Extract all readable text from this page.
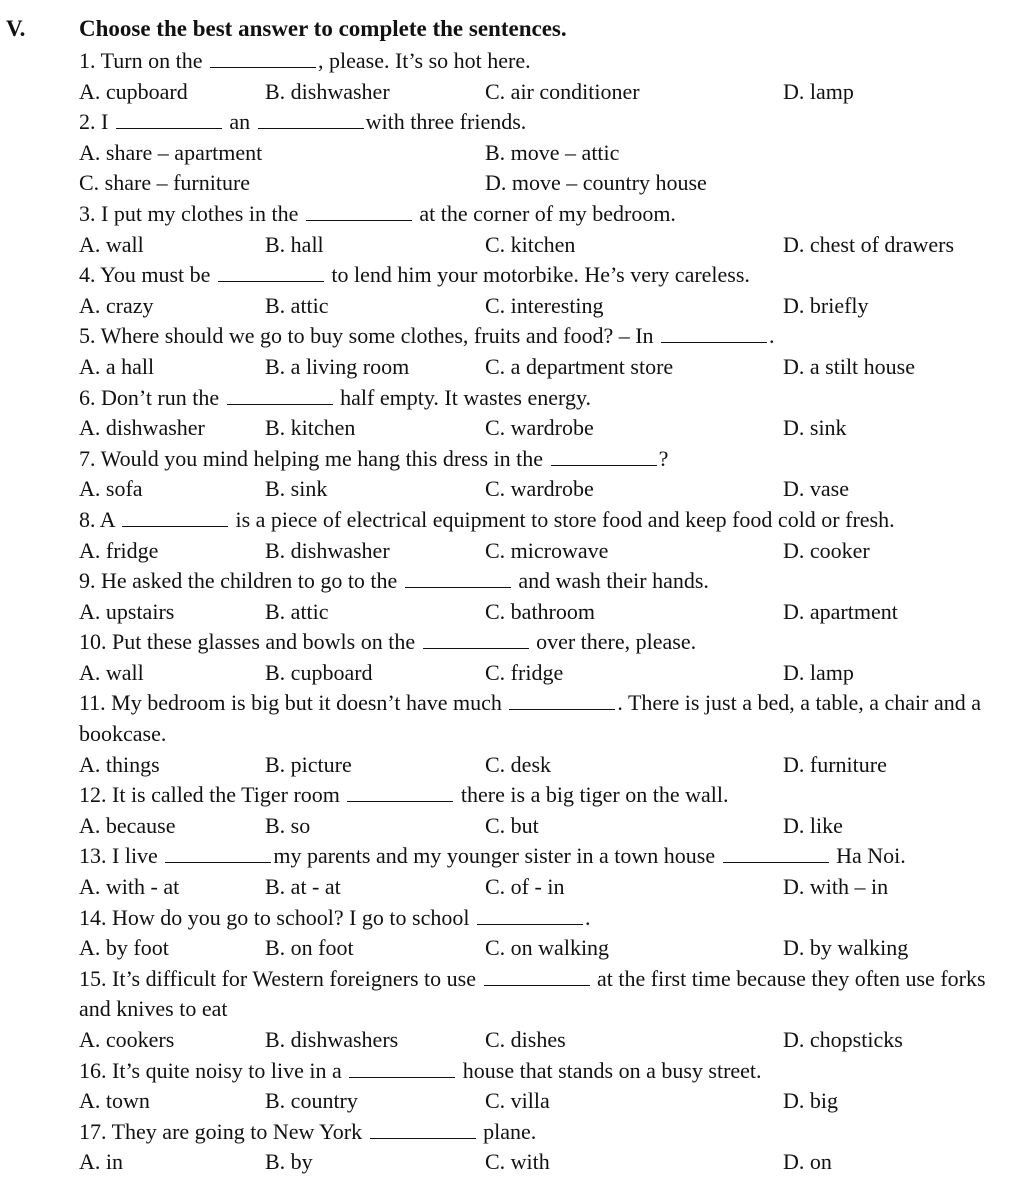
V. Choose the best answer to complete the sentences.
1. Turn on the	, please. It’s so hot here.
A. cupboard	B. dishwasher	C. air conditioner	D. lamp
2. I	an	with three friends.
A. share – apartment	B. move – attic
C. share – furniture	D. move – country house
3. I put my clothes in the	at the corner of my bedroom.
A. wall	B. hall	C. kitchen	D. chest of drawers
4. You must be	to lend him your motorbike. He’s very careless.
A. crazy	B. attic	C. interesting	D. briefly
5. Where should we go to buy some clothes, fruits and food? – In	.
A. a hall	B. a living room	C. a department store	D. a stilt house
6. Don’t run the	half empty. It wastes energy.
A. dishwasher	B. kitchen	C. wardrobe	D. sink
7. Would you mind helping me hang this dress in the	?
A. sofa	B. sink	C. wardrobe	D. vase
8. A	is a piece of electrical equipment to store food and keep food cold or fresh.
A. fridge	B. dishwasher	C. microwave	D. cooker
9. He asked the children to go to the	and wash their hands.
A. upstairs	B. attic	C. bathroom	D. apartment
10. Put these glasses and bowls on the	over there, please.
A. wall	B. cupboard	C. fridge	D. lamp
11. My bedroom is big but it doesn’t have much	. There is just a bed, a table, a chair and a bookcase.
A. things	B. picture	C. desk	D. furniture
12. It is called the Tiger room	there is a big tiger on the wall.
A. because	B. so	C. but	D. like
13. I live	my parents and my younger sister in a town house	Ha Noi.
A. with - at	B. at - at	C. of - in	D. with – in
14. How do you go to school? I go to school	.
A. by foot	B. on foot	C. on walking	D. by walking
15. It’s difficult for Western foreigners to use	at the first time because they often use forks and knives to eat
A. cookers	B. dishwashers	C. dishes	D. chopsticks
16. It’s quite noisy to live in a	house that stands on a busy street.
A. town	B. country	C. villa	D. big
17. They are going to New York	plane.
A. in	B. by	C. with	D. on
